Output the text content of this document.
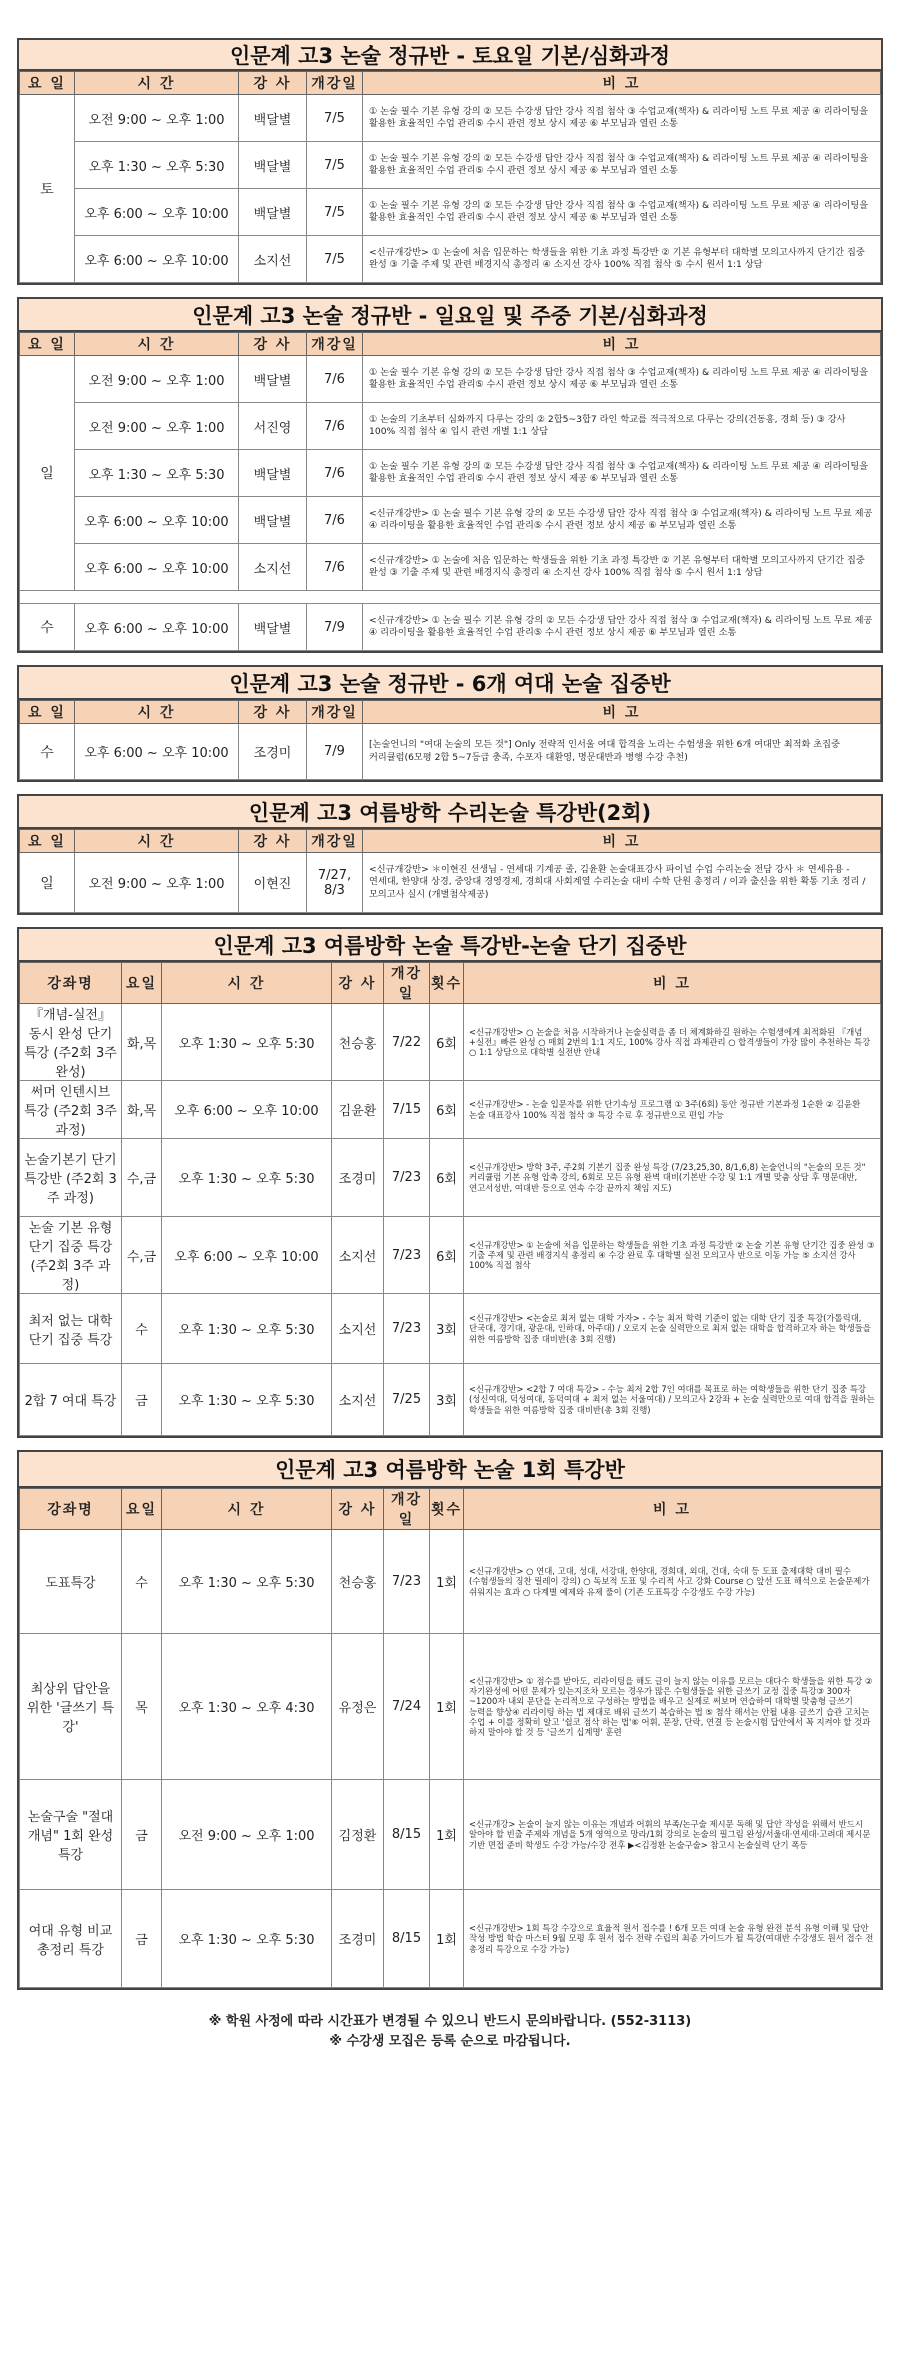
인문계 고3 논술 정규반 - 토요일 기본/심화과정
요 일	시 간	강 사	개강일	비 고
토	오전 9:00 ~ 오후 1:00	백달별	7/5	① 논술 필수 기본 유형 강의 ② 모든 수강생 답안 강사 직접 첨삭 ③ 수업교재(책자) & 리라이팅 노트 무료 제공 ④ 리라이팅을 활용한 효율적인 수업 관리⑤ 수시 관련 정보 상시 제공 ⑥ 부모님과 열린 소통
	오후 1:30 ~ 오후 5:30	백달별	7/5	① 논술 필수 기본 유형 강의 ② 모든 수강생 답안 강사 직접 첨삭 ③ 수업교재(책자) & 리라이팅 노트 무료 제공 ④ 리라이팅을 활용한 효율적인 수업 관리⑤ 수시 관련 정보 상시 제공 ⑥ 부모님과 열린 소통
	오후 6:00 ~ 오후 10:00	백달별	7/5	① 논술 필수 기본 유형 강의 ② 모든 수강생 답안 강사 직접 첨삭 ③ 수업교재(책자) & 리라이팅 노트 무료 제공 ④ 리라이팅을 활용한 효율적인 수업 관리⑤ 수시 관련 정보 상시 제공 ⑥ 부모님과 열린 소통
	오후 6:00 ~ 오후 10:00	소지선	7/5	<신규개강반> ① 논술에 처음 입문하는 학생들을 위한 기초 과정 특강반 ② 기본 유형부터 대학별 모의고사까지 단기간 집중 완성 ③ 기출 주제 및 관련 배경지식 총정리 ④ 소지선 강사 100% 직접 첨삭 ⑤ 수시 원서 1:1 상담
인문계 고3 논술 정규반 - 일요일 및 주중 기본/심화과정
요 일	시 간	강 사	개강일	비 고
일	오전 9:00 ~ 오후 1:00	백달별	7/6	① 논술 필수 기본 유형 강의 ② 모든 수강생 답안 강사 직접 첨삭 ③ 수업교재(책자) & 리라이팅 노트 무료 제공 ④ 리라이팅을 활용한 효율적인 수업 관리⑤ 수시 관련 정보 상시 제공 ⑥ 부모님과 열린 소통
	오전 9:00 ~ 오후 1:00	서진영	7/6	① 논술의 기초부터 심화까지 다루는 강의 ② 2합5~3합7 라인 학교를 적극적으로 다루는 강의(건동홍, 경희 등) ③ 강사 100% 직접 첨삭 ④ 입시 관련 개별 1:1 상담
	오후 1:30 ~ 오후 5:30	백달별	7/6	① 논술 필수 기본 유형 강의 ② 모든 수강생 답안 강사 직접 첨삭 ③ 수업교재(책자) & 리라이팅 노트 무료 제공 ④ 리라이팅을 활용한 효율적인 수업 관리⑤ 수시 관련 정보 상시 제공 ⑥ 부모님과 열린 소통
	오후 6:00 ~ 오후 10:00	백달별	7/6	<신규개강반> ① 논술 필수 기본 유형 강의 ② 모든 수강생 답안 강사 직접 첨삭 ③ 수업교재(책자) & 리라이팅 노트 무료 제공 ④ 리라이팅을 활용한 효율적인 수업 관리⑤ 수시 관련 정보 상시 제공 ⑥ 부모님과 열린 소통
	오후 6:00 ~ 오후 10:00	소지선	7/6	<신규개강반> ① 논술에 처음 입문하는 학생들을 위한 기초 과정 특강반 ② 기본 유형부터 대학별 모의고사까지 단기간 집중 완성 ③ 기출 주제 및 관련 배경지식 총정리 ④ 소지선 강사 100% 직접 첨삭 ⑤ 수시 원서 1:1 상담

수	오후 6:00 ~ 오후 10:00	백달별	7/9	<신규개강반> ① 논술 필수 기본 유형 강의 ② 모든 수강생 답안 강사 직접 첨삭 ③ 수업교재(책자) & 리라이팅 노트 무료 제공 ④ 리라이팅을 활용한 효율적인 수업 관리⑤ 수시 관련 정보 상시 제공 ⑥ 부모님과 열린 소통
인문계 고3 논술 정규반 - 6개 여대 논술 집중반
요 일	시 간	강 사	개강일	비 고
수	오후 6:00 ~ 오후 10:00	조경미	7/9	[논술언니의 "여대 논술의 모든 것"] Only 전략적 인서울 여대 합격을 노리는 수험생을 위한 6개 여대만 최적화 초집중 커리큘럼(6모평 2합 5~7등급 충족, 수포자 대환영, 명문대반과 병행 수강 추천)
인문계 고3 여름방학 수리논술 특강반(2회)
요 일	시 간	강 사	개강일	비 고
일	오전 9:00 ~ 오후 1:00	이현진	7/27, 8/3	<신규개강반> ＊이현진 선생님 - 연세대 기계공 졸, 김윤환 논술대표강사 파이널 수업 수리논술 전담 강사 ＊ 연세유용 - 연세대, 한양대 상경, 중앙대 경영경제, 경희대 사회계열 수리논술 대비 수학 단원 총정리 / 이과 출신을 위한 확통 기초 정리 / 모의고사 실시 (개별첨삭제공)
인문계 고3 여름방학 논술 특강반-논술 단기 집중반
강좌명	요일	시 간	강 사	개강일	횟수	비 고
『개념-실전』동시 완성 단기 특강 (주2회 3주 완성)	화,목	오후 1:30 ~ 오후 5:30	천승홍	7/22	6회	<신규개강반> ○ 논술을 처음 시작하거나 논술실력을 좀 더 체계화하길 원하는 수험생에게 최적화된 『개념+실전』빠른 완성 ○ 매회 2번의 1:1 지도, 100% 강사 직접 과제관리 ○ 합격생들이 가장 많이 추천하는 특강 ○ 1:1 상담으로 대학별 실전반 안내
써머 인텐시브 특강 (주2회 3주 과정)	화,목	오후 6:00 ~ 오후 10:00	김윤환	7/15	6회	<신규개강반> - 논술 입문자를 위한 단기속성 프로그램 ① 3주(6회) 동안 정규반 기본과정 1순환 ② 김윤환 논술 대표강사 100% 직접 첨삭 ③ 특강 수료 후 정규반으로 편입 가능
논술기본기 단기 특강반 (주2회 3주 과정)	수,금	오후 1:30 ~ 오후 5:30	조경미	7/23	6회	<신규개강반> 방학 3주, 주2회 기본기 집중 완성 특강 (7/23,25,30, 8/1,6,8) 논술언니의 "논술의 모든 것" 커리큘럼 기본 유형 압축 강의, 6회로 모든 유형 완벽 대비(기본반 수강 및 1:1 개별 맞춤 상담 후 명문대반, 연고서성반, 여대반 등으로 연속 수강 끝까지 책임 지도)
논술 기본 유형 단기 집중 특강 (주2회 3주 과정)	수,금	오후 6:00 ~ 오후 10:00	소지선	7/23	6회	<신규개강반> ① 논술에 처음 입문하는 학생들을 위한 기초 과정 특강반 ② 논술 기본 유형 단기간 집중 완성 ③ 기출 주제 및 관련 배경지식 총정리 ④ 수강 완료 후 대학별 실전 모의고사 반으로 이동 가능 ⑤ 소지선 강사 100% 직접 첨삭
최저 없는 대학 단기 집중 특강	수	오후 1:30 ~ 오후 5:30	소지선	7/23	3회	<신규개강반> <논술로 최저 없는 대학 가자> - 수능 최저 학력 기준이 없는 대학 단기 집중 특강(가톨릭대, 단국대, 경기대, 광운대, 인하대, 아주대) / 오로지 논술 실력만으로 최저 없는 대학을 합격하고자 하는 학생들을 위한 여름방학 집중 대비반(총 3회 진행)
2합 7 여대 특강	금	오후 1:30 ~ 오후 5:30	소지선	7/25	3회	<신규개강반> <2합 7 여대 특강> - 수능 최저 2합 7인 여대를 목표로 하는 여학생들을 위한 단기 집중 특강(성신여대, 덕성여대, 동덕여대 + 최저 없는 서울여대) / 모의고사 2강좌 + 논술 실력만으로 여대 합격을 원하는 학생들을 위한 여름방학 집중 대비반(총 3회 진행)
인문계 고3 여름방학 논술 1회 특강반
강좌명	요일	시 간	강 사	개강일	횟수	비 고
도표특강	수	오후 1:30 ~ 오후 5:30	천승홍	7/23	1회	<신규개강반> ○ 연대, 고대, 성대, 서강대, 한양대, 경희대, 외대, 건대, 숙대 등 도표 출제대학 대비 필수(수험생들의 징찬 릴레이 강의) ○ 독보적 도표 및 수리적 사고 강화 Course ○ 앞선 도표 해석으로 논술문제가 쉬워지는 효과 ○ 다계별 예제와 유제 풀이 (기존 도표특강 수강생도 수강 가능)
최상위 답안을 위한 '글쓰기 특강'	목	오후 1:30 ~ 오후 4:30	유정은	7/24	1회	<신규개강반> ① 점수를 받아도, 리라이팅을 해도 글이 늘지 않는 이유를 모르는 대다수 학생들을 위한 특강 ② 자기완성에 어떤 문제가 있는지조차 모르는 경우가 많은 수험생들을 위한 글쓰기 교정 집중 특강③ 300자~1200자 내외 문단을 논리적으로 구성하는 방법을 배우고 실제로 써보며 연습하여 대학별 맞춤형 글쓰기 능력을 향상④ 리라이팅 하는 법 제대로 배워 글쓰기 복습하는 법 ⑤ 첨삭 해서는 안될 내용 글쓰기 습관 고치는 수업 + 이를 정확히 알고 '쉴코 점삭 하는 법'⑥ 어휘, 문장, 단락, 연결 등 논술시험 답안에서 꼭 지켜야 할 것과 하지 말아야 할 것 등 '글쓰기 십계명' 훈련
논술구술 "절대개념" 1회 완성 특강	금	오전 9:00 ~ 오후 1:00	김정환	8/15	1회	<신규개강> 논술이 늘지 않는 이유는 개념과 어휘의 부족/논구술 제시문 독해 및 답안 작성을 위해서 반드시 알아야 할 빈출 주제와 개념을 5개 영역으로 망라/1회 강의로 논술의 필그림 완성/서울대·연세대·고려대 제시문 기반 면접 준비 학생도 수강 가능/수강 전후 ▶<김정환 논술구술> 참고시 논술실력 단기 폭등
여대 유형 비교 총정리 특강	금	오후 1:30 ~ 오후 5:30	조경미	8/15	1회	<신규개강반> 1회 특강 수강으로 효율적 원서 접수를 ! 6개 모든 여대 논술 유형 완전 분석 유형 이해 및 답안 작성 방법 학습 마스터 9월 모평 후 원서 접수 전략 수립의 최종 가이드가 될 특강(여대반 수강생도 원서 접수 전 총정리 특강으로 수강 가능)
※ 학원 사정에 따라 시간표가 변경될 수 있으니 반드시 문의바랍니다. (552-3113)
※ 수강생 모집은 등록 순으로 마감됩니다.
